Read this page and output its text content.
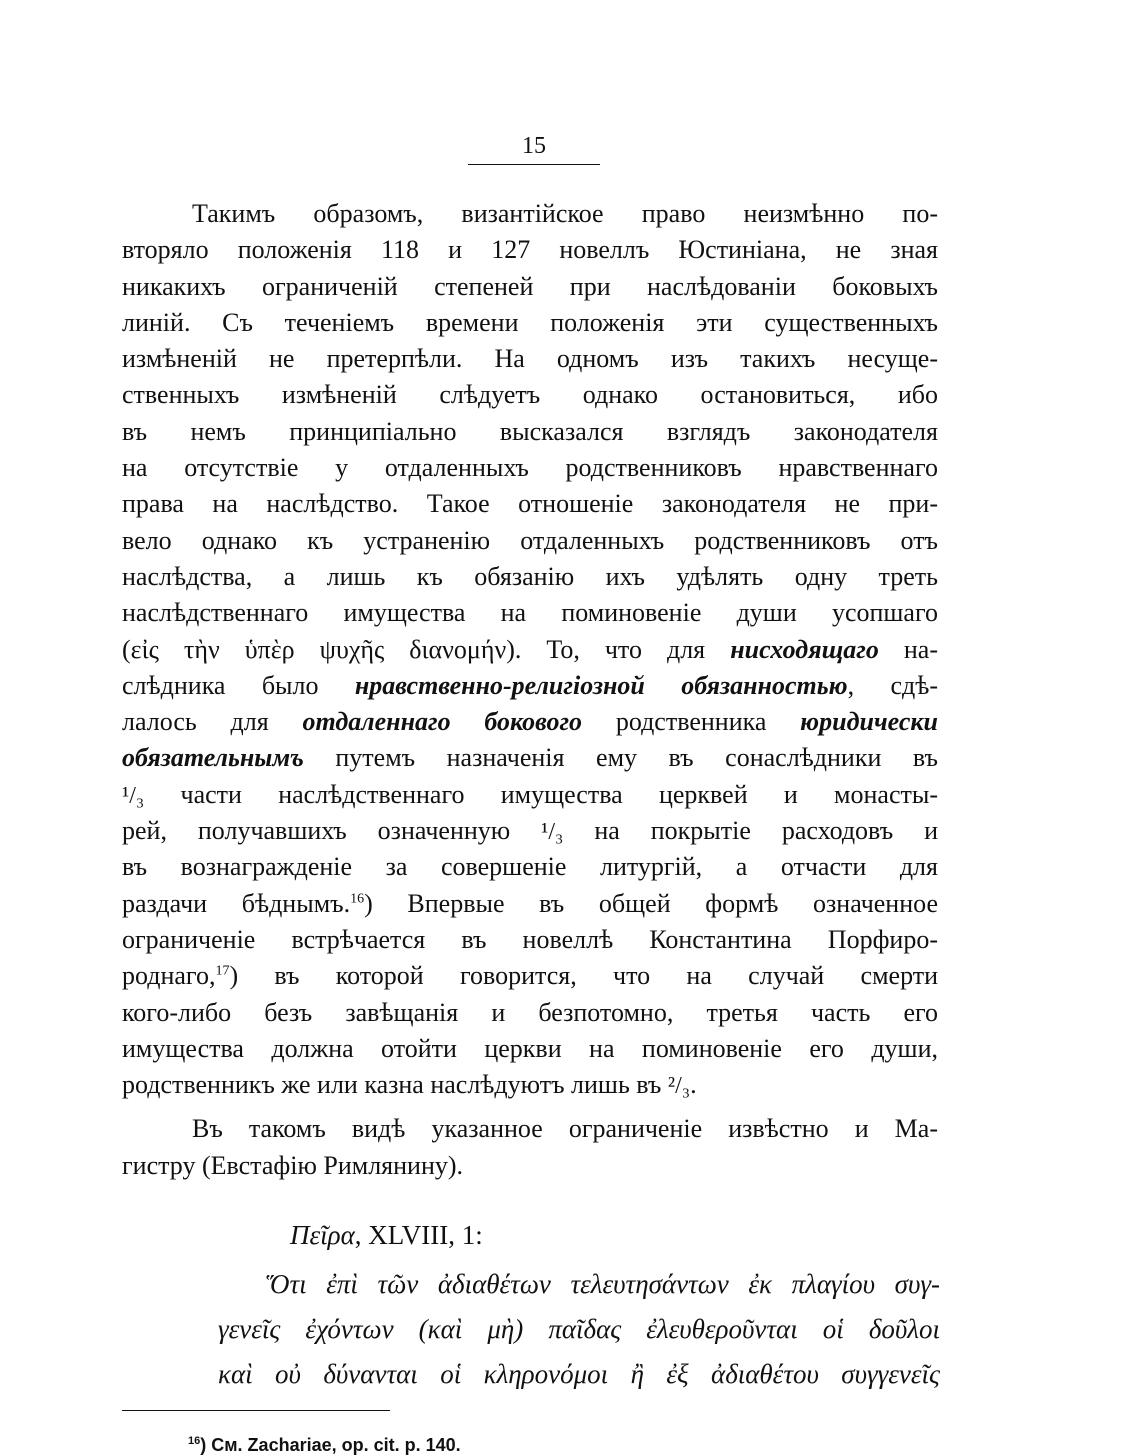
15
Такимъ образомъ, византiйское право неизмѣнно по-
вторяло положенiя 118 и 127 новеллъ Юстинiана, не зная
никакихъ ограниченiй степеней при наслѣдованiи боковыхъ
линiй. Съ теченiемъ времени положенiя эти существенныхъ
измѣненiй не претерпѣли. На одномъ изъ такихъ несуще-
ственныхъ измѣненiй слѣдуетъ однако остановиться, ибо
въ немъ принципiально высказался взглядъ законодателя
на отсутствiе у отдаленныхъ родственниковъ нравственнаго
права на наслѣдство. Такое отношенiе законодателя не при-
вело однако къ устраненiю отдаленныхъ родственниковъ отъ
наслѣдства, а лишь къ обязанiю ихъ удѣлять одну треть
наслѣдственнаго имущества на поминовенiе души усопшаго
(εἰς τὴν ὑπὲρ ψυχῆς διανομήν). То, что для нисходящаго на-
слѣдника было нравственно-религiозной обязанностью, сдѣ-
лалось для отдаленнаго бокового родственника юридически
обязательнымъ путемъ назначенiя ему въ сонаслѣдники въ
¹/₃ части наслѣдственнаго имущества церквей и монасты-
рей, получавшихъ означенную ¹/₃ на покрытiе расходовъ и
въ вознагражденiе за совершенiе литургiй, а отчасти для
раздачи бѣднымъ.$^{16}$) Впервые въ общей формѣ означенное
ограниченiе встрѣчается въ новеллѣ Константина Порфиро-
роднаго,$^{17}$) въ которой говорится, что на случай смерти
кого-либо безъ завѣщанiя и безпотомно, третья часть его
имущества должна отойти церкви на поминовенiе его души,
родственникъ же или казна наслѣдуютъ лишь въ ²/₃.
Въ такомъ видѣ указанное ограниченiе извѣстно и Ма-
гистру (Евстафiю Римлянину).
Πεῖρα, XLVIII, 1:
Ὅτι ἐπὶ τῶν ἀδιαθέτων τελευτησάντων ἐκ πλαγίου συγ-
γενεῖς ἐχόντων (καὶ μὴ) παῖδας ἐλευθεροῦνται οἱ δοῦλοι
καὶ οὐ δύνανται οἱ κληρονόμοι ἢ ἐξ ἀδιαθέτου συγγενεῖς
$^{16}$) См. Zachariae, op. cit. p. 140.
